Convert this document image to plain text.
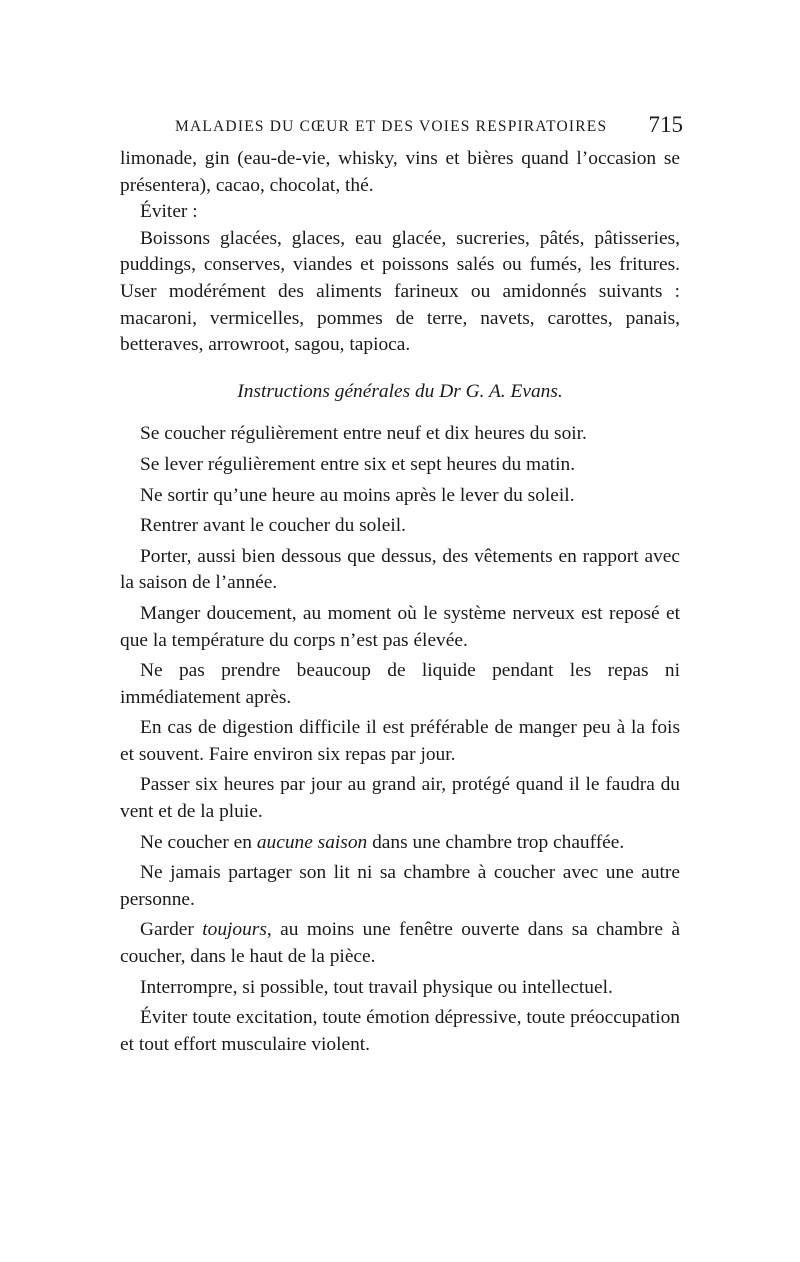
MALADIES DU CŒUR ET DES VOIES RESPIRATOIRES 715

limonade, gin (eau-de-vie, whisky, vins et bières quand l’occasion se présentera), cacao, chocolat, thé.

Éviter :

Boissons glacées, glaces, eau glacée, sucreries, pâtés, pâtisseries, puddings, conserves, viandes et poissons salés ou fumés, les fritures. User modérément des aliments farineux ou amidonnés suivants : macaroni, vermicelles, pommes de terre, navets, carottes, panais, betteraves, arrowroot, sagou, tapioca.

Instructions générales du Dr G. A. Evans.

Se coucher régulièrement entre neuf et dix heures du soir.

Se lever régulièrement entre six et sept heures du matin.

Ne sortir qu’une heure au moins après le lever du soleil.

Rentrer avant le coucher du soleil.

Porter, aussi bien dessous que dessus, des vêtements en rapport avec la saison de l’année.

Manger doucement, au moment où le système nerveux est reposé et que la température du corps n’est pas élevée.

Ne pas prendre beaucoup de liquide pendant les repas ni immédiatement après.

En cas de digestion difficile il est préférable de manger peu à la fois et souvent. Faire environ six repas par jour.

Passer six heures par jour au grand air, protégé quand il le faudra du vent et de la pluie.

Ne coucher en aucune saison dans une chambre trop chauffée.

Ne jamais partager son lit ni sa chambre à coucher avec une autre personne.

Garder toujours, au moins une fenêtre ouverte dans sa chambre à coucher, dans le haut de la pièce.

Interrompre, si possible, tout travail physique ou intellectuel.

Éviter toute excitation, toute émotion dépressive, toute préoccupation et tout effort musculaire violent.
